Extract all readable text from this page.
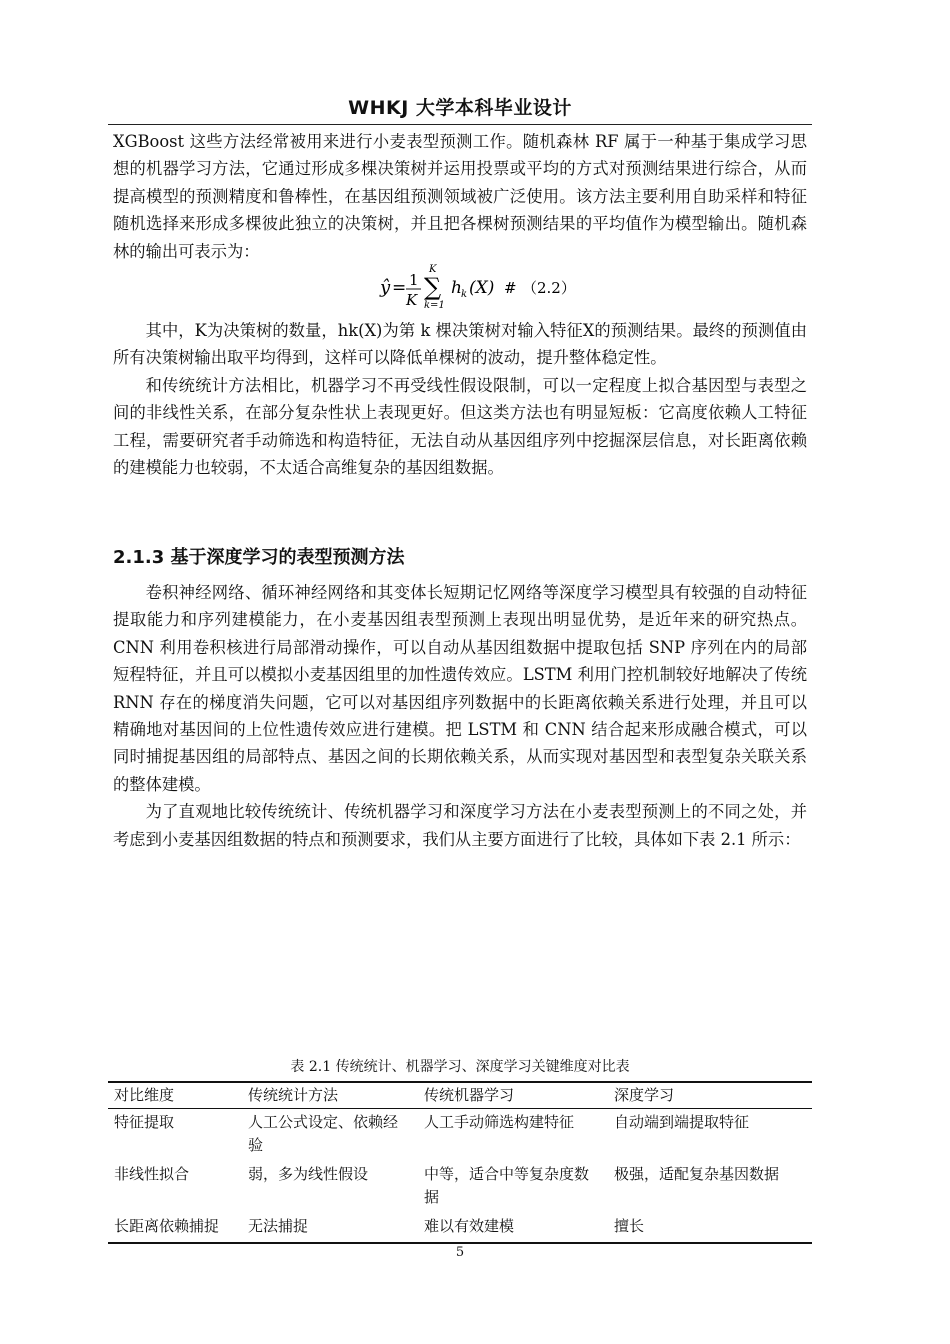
WHKJ 大学本科毕业设计

XGBoost 这些方法经常被用来进行小麦表型预测工作。随机森林 RF 属于一种基于集成学习思想的机器学习方法，它通过形成多棵决策树并运用投票或平均的方式对预测结果进行综合，从而提高模型的预测精度和鲁棒性，在基因组预测领域被广泛使用。该方法主要利用自助采样和特征随机选择来形成多棵彼此独立的决策树，并且把各棵树预测结果的平均值作为模型输出。随机森林的输出可表示为：

ŷ = 1
K
K
∑
k=1
h k (X) # （2.2）

其中，K为决策树的数量，hk(X)为第 k 棵决策树对输入特征X的预测结果。最终的预测值由所有决策树输出取平均得到，这样可以降低单棵树的波动，提升整体稳定性。

和传统统计方法相比，机器学习不再受线性假设限制，可以一定程度上拟合基因型与表型之间的非线性关系，在部分复杂性状上表现更好。但这类方法也有明显短板：它高度依赖人工特征工程，需要研究者手动筛选和构造特征，无法自动从基因组序列中挖掘深层信息，对长距离依赖的建模能力也较弱，不太适合高维复杂的基因组数据。

2.1.3 基于深度学习的表型预测方法

卷积神经网络、循环神经网络和其变体长短期记忆网络等深度学习模型具有较强的自动特征提取能力和序列建模能力，在小麦基因组表型预测上表现出明显优势，是近年来的研究热点。CNN 利用卷积核进行局部滑动操作，可以自动从基因组数据中提取包括 SNP 序列在内的局部短程特征，并且可以模拟小麦基因组里的加性遗传效应。LSTM 利用门控机制较好地解决了传统 RNN 存在的梯度消失问题，它可以对基因组序列数据中的长距离依赖关系进行处理，并且可以精确地对基因间的上位性遗传效应进行建模。把 LSTM 和 CNN 结合起来形成融合模式，可以同时捕捉基因组的局部特点、基因之间的长期依赖关系，从而实现对基因型和表型复杂关联关系的整体建模。

为了直观地比较传统统计、传统机器学习和深度学习方法在小麦表型预测上的不同之处，并考虑到小麦基因组数据的特点和预测要求，我们从主要方面进行了比较，具体如下表 2.1 所示：

表 2.1 传统统计、机器学习、深度学习关键维度对比表
对比维度	传统统计方法	传统机器学习	深度学习
特征提取	人工公式设定、依赖经验	人工手动筛选构建特征	自动端到端提取特征
非线性拟合	弱，多为线性假设	中等，适合中等复杂度数据	极强，适配复杂基因数据
长距离依赖捕捉	无法捕捉	难以有效建模	擅长
5
